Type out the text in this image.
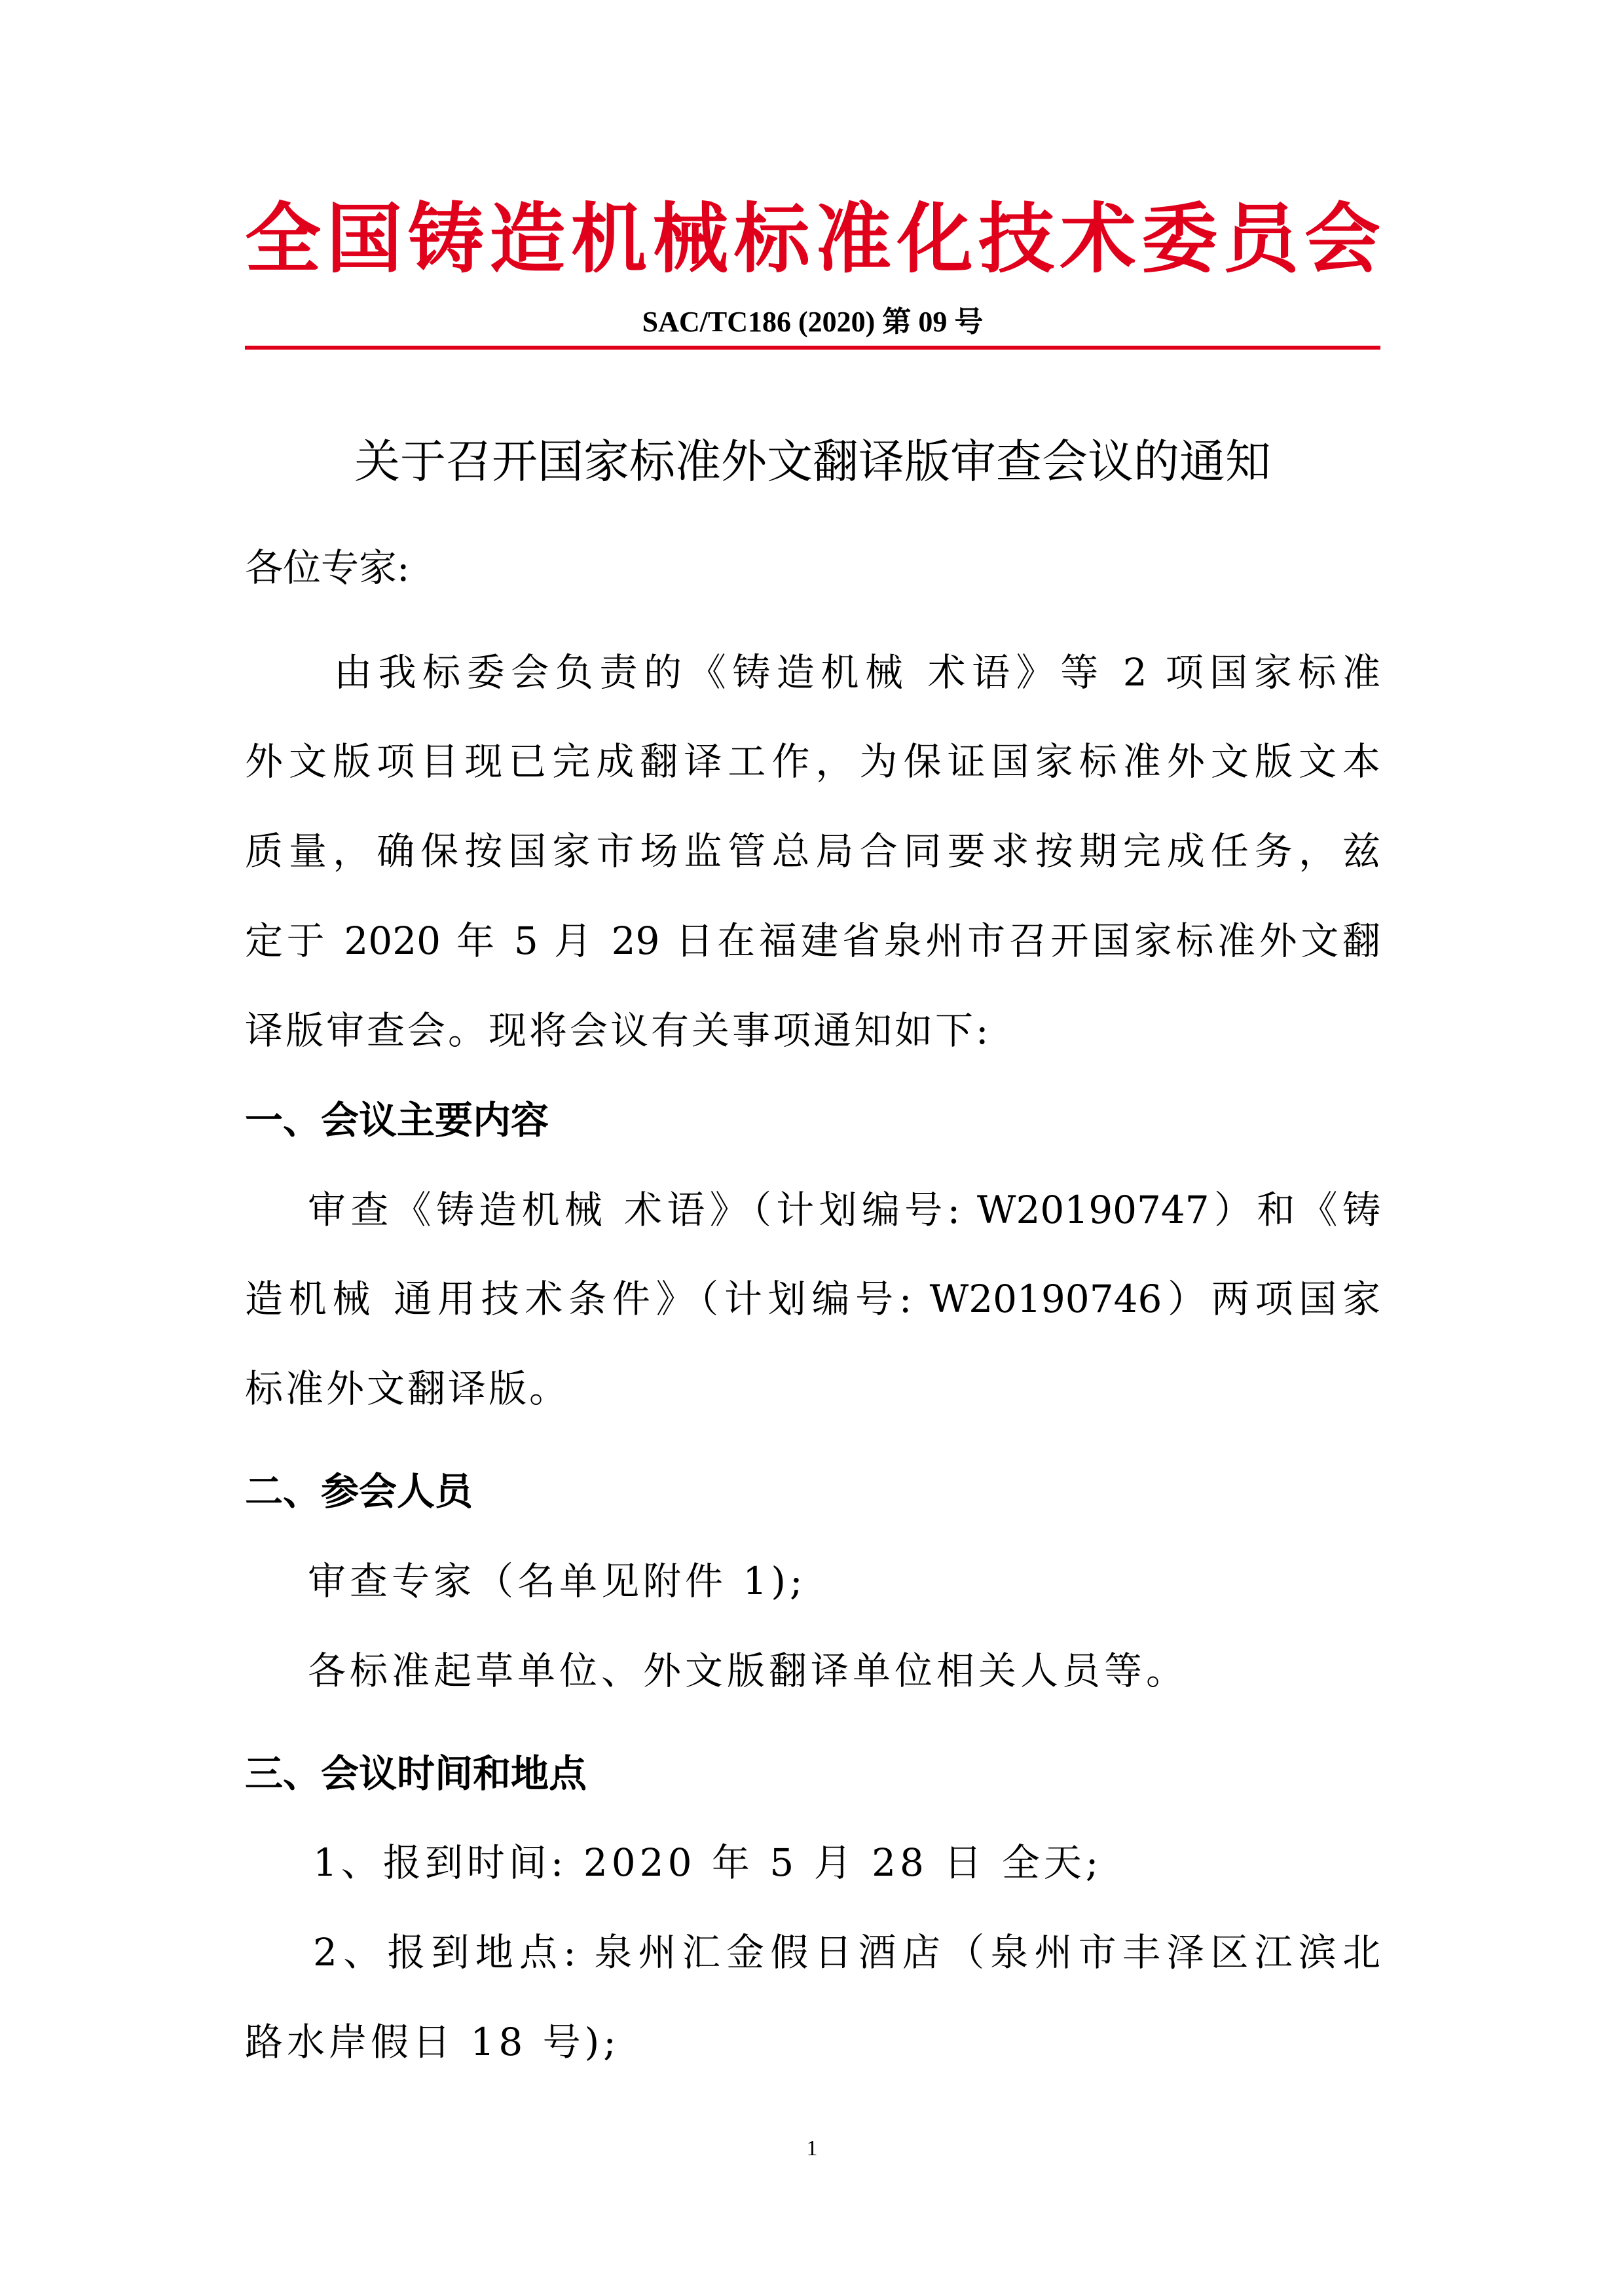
全国铸造机械标准化技术委员会
SAC/TC186 (2020) 第 09 号
关于召开国家标准外文翻译版审查会议的通知
各位专家:
由我标委会负责的《铸造机械 术语》等 2 项国家标准
外文版项目现已完成翻译工作，为保证国家标准外文版文本
质量，确保按国家市场监管总局合同要求按期完成任务，兹
定于 2020 年 5 月 29 日在福建省泉州市召开国家标准外文翻
译版审查会。现将会议有关事项通知如下:
一、会议主要内容
审查《铸造机械 术语》（计划编号: W20190747）和《铸
造机械 通用技术条件》（计划编号: W20190746）两项国家
标准外文翻译版。
二、参会人员
审查专家（名单见附件 1);
各标准起草单位、外文版翻译单位相关人员等。
三、会议时间和地点
1、报到时间: 2020 年 5 月 28 日 全天;
2、报到地点: 泉州汇金假日酒店（泉州市丰泽区江滨北
路水岸假日 18 号);
1
